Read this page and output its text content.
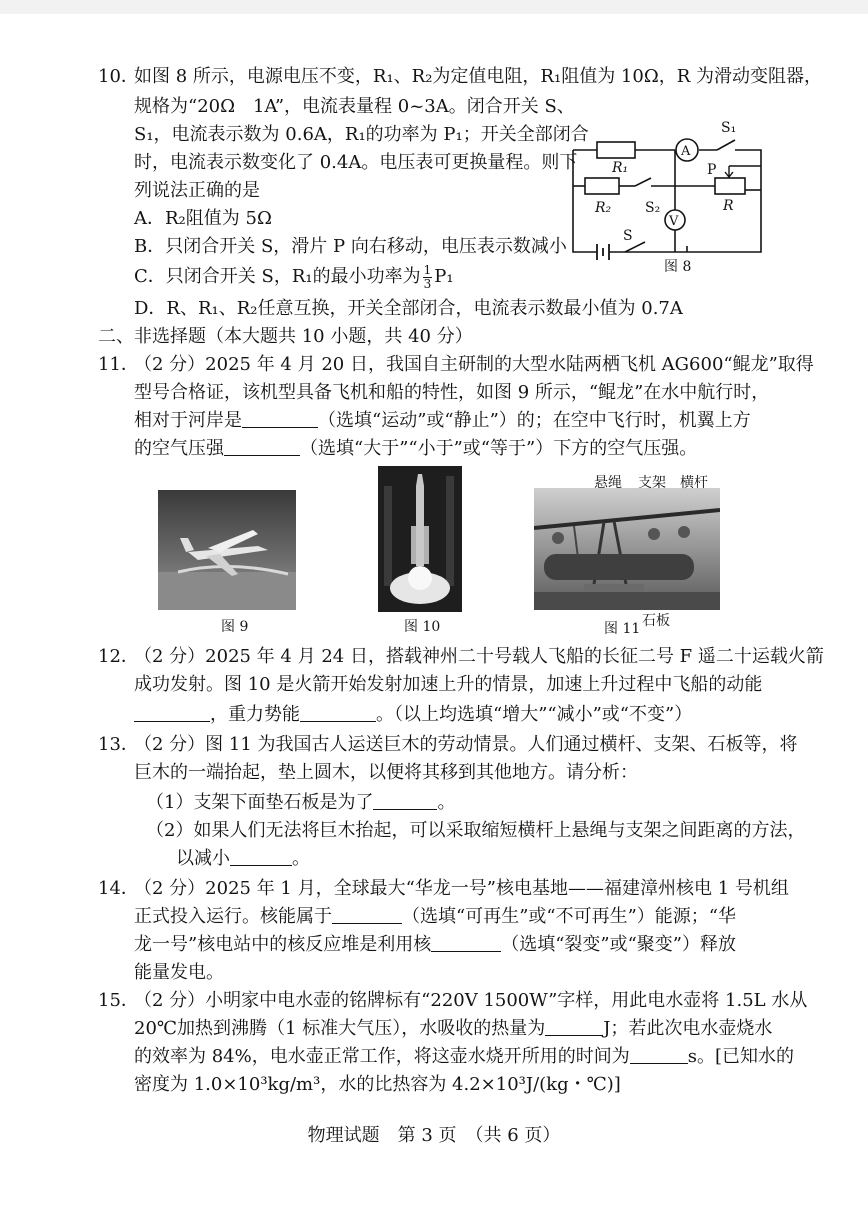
10．
如图 8 所示，电源电压不变，R₁、R₂为定值电阻，R₁阻值为 10Ω，R 为滑动变阻器，
规格为“20Ω　1A”，电流表量程 0~3A。闭合开关 S、
S₁，电流表示数为 0.6A，R₁的功率为 P₁；开关全部闭合
时，电流表示数变化了 0.4A。电压表可更换量程。则下
列说法正确的是
A．R₂阻值为 5Ω
B．只闭合开关 S，滑片 P 向右移动，电压表示数减小
C．只闭合开关 S，R₁的最小功率为 $\frac{1}{3} P_1$
D．R、R₁、R₂任意互换，开关全部闭合，电流表示数最小值为 0.7A
R₁
R₂
A
V
S₁
P
R
S₂
S
图 8
二、非选择题（本大题共 10 小题，共 40 分）
11．
（2 分）2025 年 4 月 20 日，我国自主研制的大型水陆两栖飞机 AG600“鲲龙”取得
型号合格证，该机型具备飞机和船的特性，如图 9 所示，“鲲龙”在水中航行时，
相对于河岸是	（选填“运动”或“静止”）的；在空中飞行时，机翼上方
的空气压强	（选填“大于”“小于”或“等于”）下方的空气压强。
图 9	图 10
悬绳 支架 横杆
石板
图 11
12．
（2 分）2025 年 4 月 24 日，搭载神州二十号载人飞船的长征二号 F 遥二十运载火箭
成功发射。图 10 是火箭开始发射加速上升的情景，加速上升过程中飞船的动能
，重力势能	。（以上均选填“增大”“减小”或“不变”）
13．
（2 分）图 11 为我国古人运送巨木的劳动情景。人们通过横杆、支架、石板等，将
巨木的一端抬起，垫上圆木，以便将其移到其他地方。请分析：
（1）支架下面垫石板是为了	。
（2）如果人们无法将巨木抬起，可以采取缩短横杆上悬绳与支架之间距离的方法，
以减小	。
14．
（2 分）2025 年 1 月，全球最大“华龙一号”核电基地——福建漳州核电 1 号机组
正式投入运行。核能属于	（选填“可再生”或“不可再生”）能源；“华
龙一号”核电站中的核反应堆是利用核	（选填“裂变”或“聚变”）释放
能量发电。
15．
（2 分）小明家中电水壶的铭牌标有“220V 1500W”字样，用此电水壶将 1.5L 水从
20℃加热到沸腾（1 标准大气压），水吸收的热量为	J；若此次电水壶烧水
的效率为 84%，电水壶正常工作，将这壶水烧开所用的时间为	s。[已知水的
密度为 1.0×10³kg/m³，水的比热容为 4.2×10³J/(kg・℃)]
物理试题　第 3 页　（共 6 页）
